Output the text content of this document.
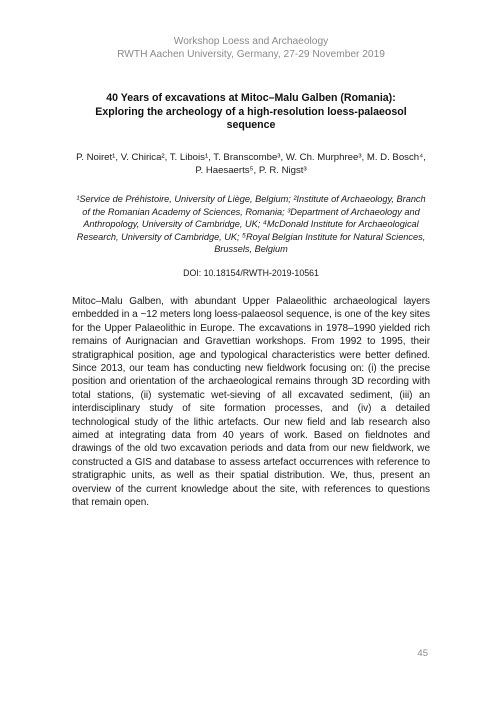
Workshop Loess and Archaeology
RWTH Aachen University, Germany, 27-29 November 2019
40 Years of excavations at Mitoc–Malu Galben (Romania): Exploring the archeology of a high-resolution loess-palaeosol sequence
P. Noiret¹, V. Chirica², T. Libois¹, T. Branscombe³, W. Ch. Murphree³, M. D. Bosch⁴, P. Haesaerts⁵, P. R. Nigst³
¹Service de Préhistoire, University of Liège, Belgium; ²Institute of Archaeology, Branch of the Romanian Academy of Sciences, Romania; ³Department of Archaeology and Anthropology, University of Cambridge, UK; ⁴McDonald Institute for Archaeological Research, University of Cambridge, UK; ⁵Royal Belgian Institute for Natural Sciences, Brussels, Belgium
DOI: 10.18154/RWTH-2019-10561
Mitoc–Malu Galben, with abundant Upper Palaeolithic archaeological layers embedded in a ~12 meters long loess-palaeosol sequence, is one of the key sites for the Upper Palaeolithic in Europe. The excavations in 1978–1990 yielded rich remains of Aurignacian and Gravettian workshops. From 1992 to 1995, their stratigraphical position, age and typological characteristics were better defined. Since 2013, our team has conducting new fieldwork focusing on: (i) the precise position and orientation of the archaeological remains through 3D recording with total stations, (ii) systematic wet-sieving of all excavated sediment, (iii) an interdisciplinary study of site formation processes, and (iv) a detailed technological study of the lithic artefacts. Our new field and lab research also aimed at integrating data from 40 years of work. Based on fieldnotes and drawings of the old two excavation periods and data from our new fieldwork, we constructed a GIS and database to assess artefact occurrences with reference to stratigraphic units, as well as their spatial distribution. We, thus, present an overview of the current knowledge about the site, with references to questions that remain open.
45
